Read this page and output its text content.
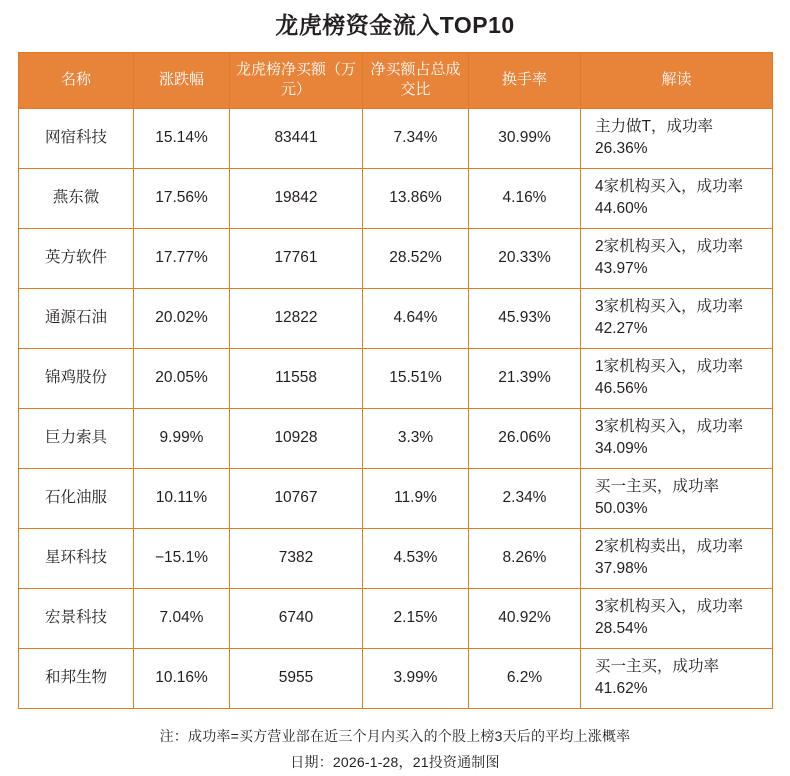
龙虎榜资金流入TOP10
名称	涨跌幅	龙虎榜净买额（万元）	净买额占总成交比	换手率	解读
网宿科技	15.14%	83441	7.34%	30.99%	主力做T，成功率26.36%
燕东微	17.56%	19842	13.86%	4.16%	4家机构买入，成功率44.60%
英方软件	17.77%	17761	28.52%	20.33%	2家机构买入，成功率43.97%
通源石油	20.02%	12822	4.64%	45.93%	3家机构买入，成功率42.27%
锦鸡股份	20.05%	11558	15.51%	21.39%	1家机构买入，成功率46.56%
巨力索具	9.99%	10928	3.3%	26.06%	3家机构买入，成功率34.09%
石化油服	10.11%	10767	11.9%	2.34%	买一主买，成功率50.03%
星环科技	−15.1%	7382	4.53%	8.26%	2家机构卖出，成功率37.98%
宏景科技	7.04%	6740	2.15%	40.92%	3家机构买入，成功率28.54%
和邦生物	10.16%	5955	3.99%	6.2%	买一主买，成功率41.62%
注：成功率=买方营业部在近三个月内买入的个股上榜3天后的平均上涨概率
日期：2026-1-28，21投资通制图
